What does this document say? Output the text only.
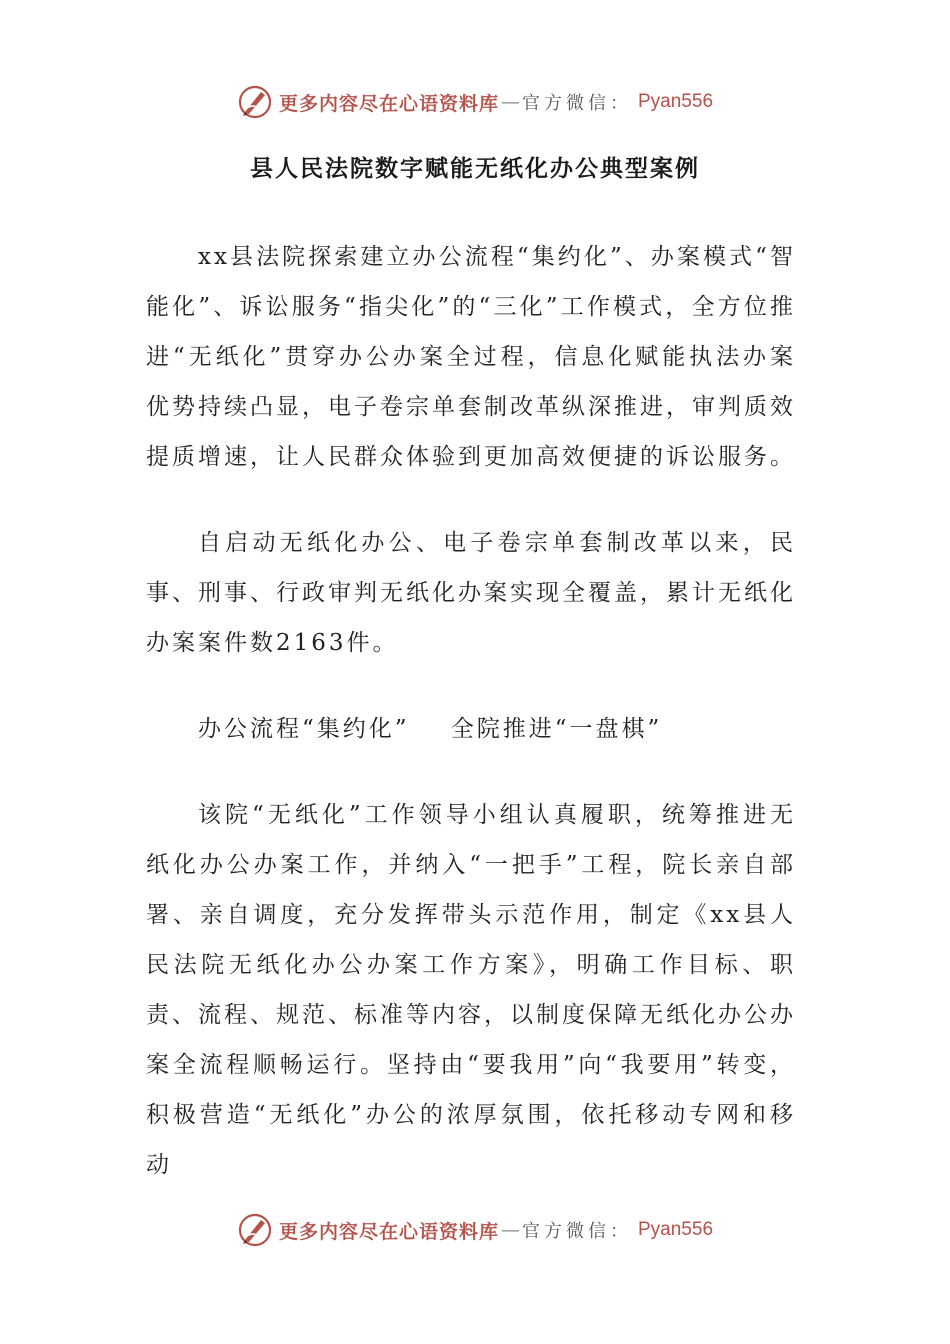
更多内容尽在心语资料库 — 官方微信： Pyan556
县人民法院数字赋能无纸化办公典型案例

xx县法院探索建立办公流程“集约化”、办案模式“智能化”、诉讼服务“指尖化”的“三化”工作模式，全方位推进“无纸化”贯穿办公办案全过程，信息化赋能执法办案优势持续凸显，电子卷宗单套制改革纵深推进，审判质效提质增速，让人民群众体验到更加高效便捷的诉讼服务。

自启动无纸化办公、电子卷宗单套制改革以来，民事、刑事、行政审判无纸化办案实现全覆盖，累计无纸化办案案件数2163件。

办公流程“集约化” 全院推进“一盘棋”

该院“无纸化”工作领导小组认真履职，统筹推进无纸化办公办案工作，并纳入“一把手”工程，院长亲自部署、亲自调度，充分发挥带头示范作用，制定《xx县人民法院无纸化办公办案工作方案》，明确工作目标、职责、流程、规范、标准等内容，以制度保障无纸化办公办案全流程顺畅运行。坚持由“要我用”向“我要用”转变，积极营造“无纸化”办公的浓厚氛围，依托移动专网和移动

更多内容尽在心语资料库 — 官方微信： Pyan556
